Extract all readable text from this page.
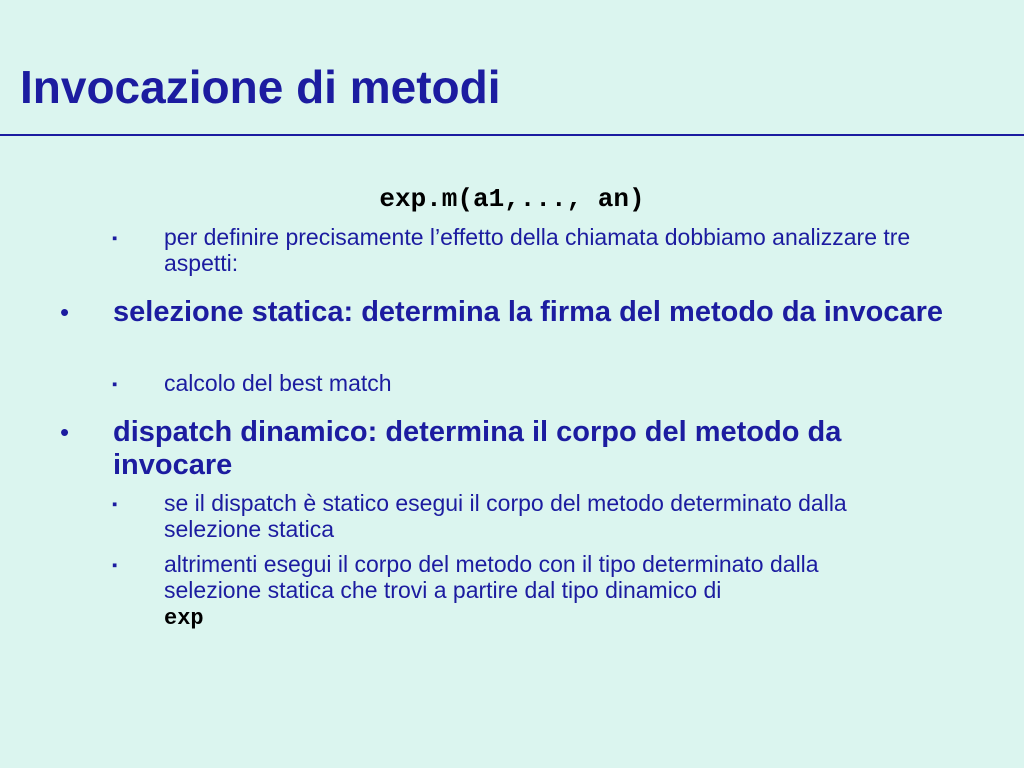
Invocazione di metodi
exp.m(a1,..., an)
▪ per definire precisamente l’effetto della chiamata dobbiamo analizzare tre aspetti:
• selezione statica: determina la firma del metodo da invocare
▪ calcolo del best match
• dispatch dinamico: determina il corpo del metodo da invocare
▪ se il dispatch è statico esegui il corpo del metodo determinato dalla selezione statica
▪ altrimenti esegui il corpo del metodo con il tipo determinato dalla selezione statica che trovi a partire dal tipo dinamico di
exp
